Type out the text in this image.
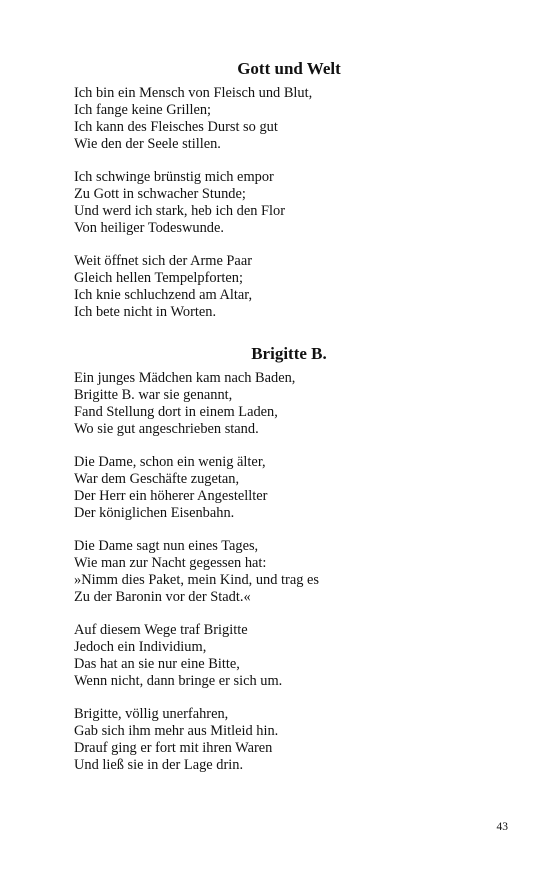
Gott und Welt
Ich bin ein Mensch von Fleisch und Blut,
Ich fange keine Grillen;
Ich kann des Fleisches Durst so gut
Wie den der Seele stillen.
Ich schwinge brünstig mich empor
Zu Gott in schwacher Stunde;
Und werd ich stark, heb ich den Flor
Von heiliger Todeswunde.
Weit öffnet sich der Arme Paar
Gleich hellen Tempelpforten;
Ich knie schluchzend am Altar,
Ich bete nicht in Worten.
Brigitte B.
Ein junges Mädchen kam nach Baden,
Brigitte B. war sie genannt,
Fand Stellung dort in einem Laden,
Wo sie gut angeschrieben stand.
Die Dame, schon ein wenig älter,
War dem Geschäfte zugetan,
Der Herr ein höherer Angestellter
Der königlichen Eisenbahn.
Die Dame sagt nun eines Tages,
Wie man zur Nacht gegessen hat:
»Nimm dies Paket, mein Kind, und trag es
Zu der Baronin vor der Stadt.«
Auf diesem Wege traf Brigitte
Jedoch ein Individium,
Das hat an sie nur eine Bitte,
Wenn nicht, dann bringe er sich um.
Brigitte, völlig unerfahren,
Gab sich ihm mehr aus Mitleid hin.
Drauf ging er fort mit ihren Waren
Und ließ sie in der Lage drin.
43
